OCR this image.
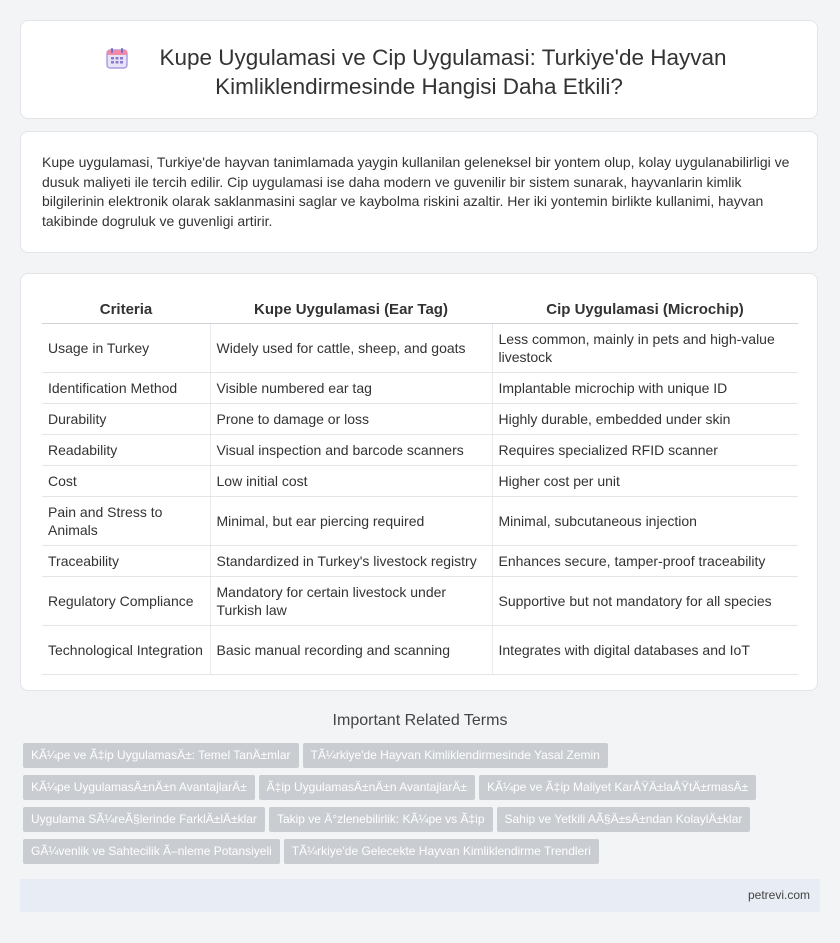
Kupe Uygulamasi ve Cip Uygulamasi: Turkiye'de Hayvan
Kimliklendirmesinde Hangisi Daha Etkili?
Kupe uygulamasi, Turkiye'de hayvan tanimlamada yaygin kullanilan geleneksel bir yontem olup, kolay uygulanabilirligi ve dusuk maliyeti ile tercih edilir. Cip uygulamasi ise daha modern ve guvenilir bir sistem sunarak, hayvanlarin kimlik bilgilerinin elektronik olarak saklanmasini saglar ve kaybolma riskini azaltir. Her iki yontemin birlikte kullanimi, hayvan takibinde dogruluk ve guvenligi artirir.
Criteria	Kupe Uygulamasi (Ear Tag)	Cip Uygulamasi (Microchip)
Usage in Turkey	Widely used for cattle, sheep, and goats	Less common, mainly in pets and high-value livestock
Identification Method	Visible numbered ear tag	Implantable microchip with unique ID
Durability	Prone to damage or loss	Highly durable, embedded under skin
Readability	Visual inspection and barcode scanners	Requires specialized RFID scanner
Cost	Low initial cost	Higher cost per unit
Pain and Stress to Animals	Minimal, but ear piercing required	Minimal, subcutaneous injection
Traceability	Standardized in Turkey's livestock registry	Enhances secure, tamper-proof traceability
Regulatory Compliance	Mandatory for certain livestock under Turkish law	Supportive but not mandatory for all species
Technological Integration	Basic manual recording and scanning	Integrates with digital databases and IoT
Important Related Terms
KÃ¼pe ve Ã‡ip UygulamasÄ±: Temel TanÄ±mlar TÃ¼rkiye'de Hayvan Kimliklendirmesinde Yasal Zemin
KÃ¼pe UygulamasÄ±nÄ±n AvantajlarÄ± Ã‡ip UygulamasÄ±nÄ±n AvantajlarÄ± KÃ¼pe ve Ã‡ip Maliyet KarÅŸÄ±laÅŸtÄ±rmasÄ±
Uygulama SÃ¼reÃ§lerinde FarklÄ±lÄ±klar Takip ve Ä°zlenebilirlik: KÃ¼pe vs Ã‡ip Sahip ve Yetkili AÃ§Ä±sÄ±ndan KolaylÄ±klar
GÃ¼venlik ve Sahtecilik Ã–nleme Potansiyeli TÃ¼rkiye'de Gelecekte Hayvan Kimliklendirme Trendleri
petrevi.com
